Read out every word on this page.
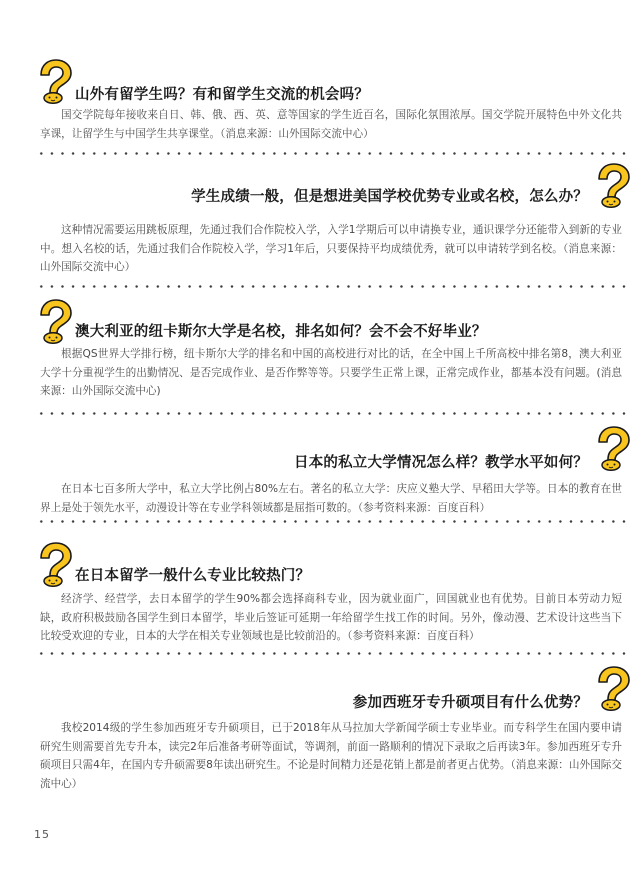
山外有留学生吗？有和留学生交流的机会吗？
国交学院每年接收来自日、韩、俄、西、英、意等国家的学生近百名，国际化氛围浓厚。国交学院开展特色中外文化共享课，让留学生与中国学生共享课堂。（消息来源：山外国际交流中心）
学生成绩一般，但是想进美国学校优势专业或名校，怎么办？
这种情况需要运用跳板原理，先通过我们合作院校入学，入学1学期后可以申请换专业，通识课学分还能带入到新的专业中。想入名校的话，先通过我们合作院校入学，学习1年后，只要保持平均成绩优秀，就可以申请转学到名校。（消息来源：山外国际交流中心）
澳大利亚的纽卡斯尔大学是名校，排名如何？会不会不好毕业？
根据QS世界大学排行榜，纽卡斯尔大学的排名和中国的高校进行对比的话，在全中国上千所高校中排名第8，澳大利亚大学十分重视学生的出勤情况、是否完成作业、是否作弊等等。只要学生正常上课，正常完成作业，都基本没有问题。(消息来源：山外国际交流中心)
日本的私立大学情况怎么样？教学水平如何？
在日本七百多所大学中，私立大学比例占80%左右。著名的私立大学：庆应义塾大学、早稻田大学等。日本的教育在世界上是处于领先水平，动漫设计等在专业学科领域都是屈指可数的。（参考资料来源：百度百科）
在日本留学一般什么专业比较热门？
经济学、经营学，去日本留学的学生90%都会选择商科专业，因为就业面广，回国就业也有优势。目前日本劳动力短缺，政府积极鼓励各国学生到日本留学，毕业后签证可延期一年给留学生找工作的时间。另外，像动漫、艺术设计这些当下比较受欢迎的专业，日本的大学在相关专业领域也是比较前沿的。（参考资料来源：百度百科）
参加西班牙专升硕项目有什么优势？
我校2014级的学生参加西班牙专升硕项目，已于2018年从马拉加大学新闻学硕士专业毕业。而专科学生在国内要申请研究生则需要首先专升本，读完2年后准备考研等面试，等调剂，前面一路顺利的情况下录取之后再读3年。参加西班牙专升硕项目只需4年，在国内专升硕需要8年读出研究生。不论是时间精力还是花销上都是前者更占优势。（消息来源：山外国际交流中心）
15
